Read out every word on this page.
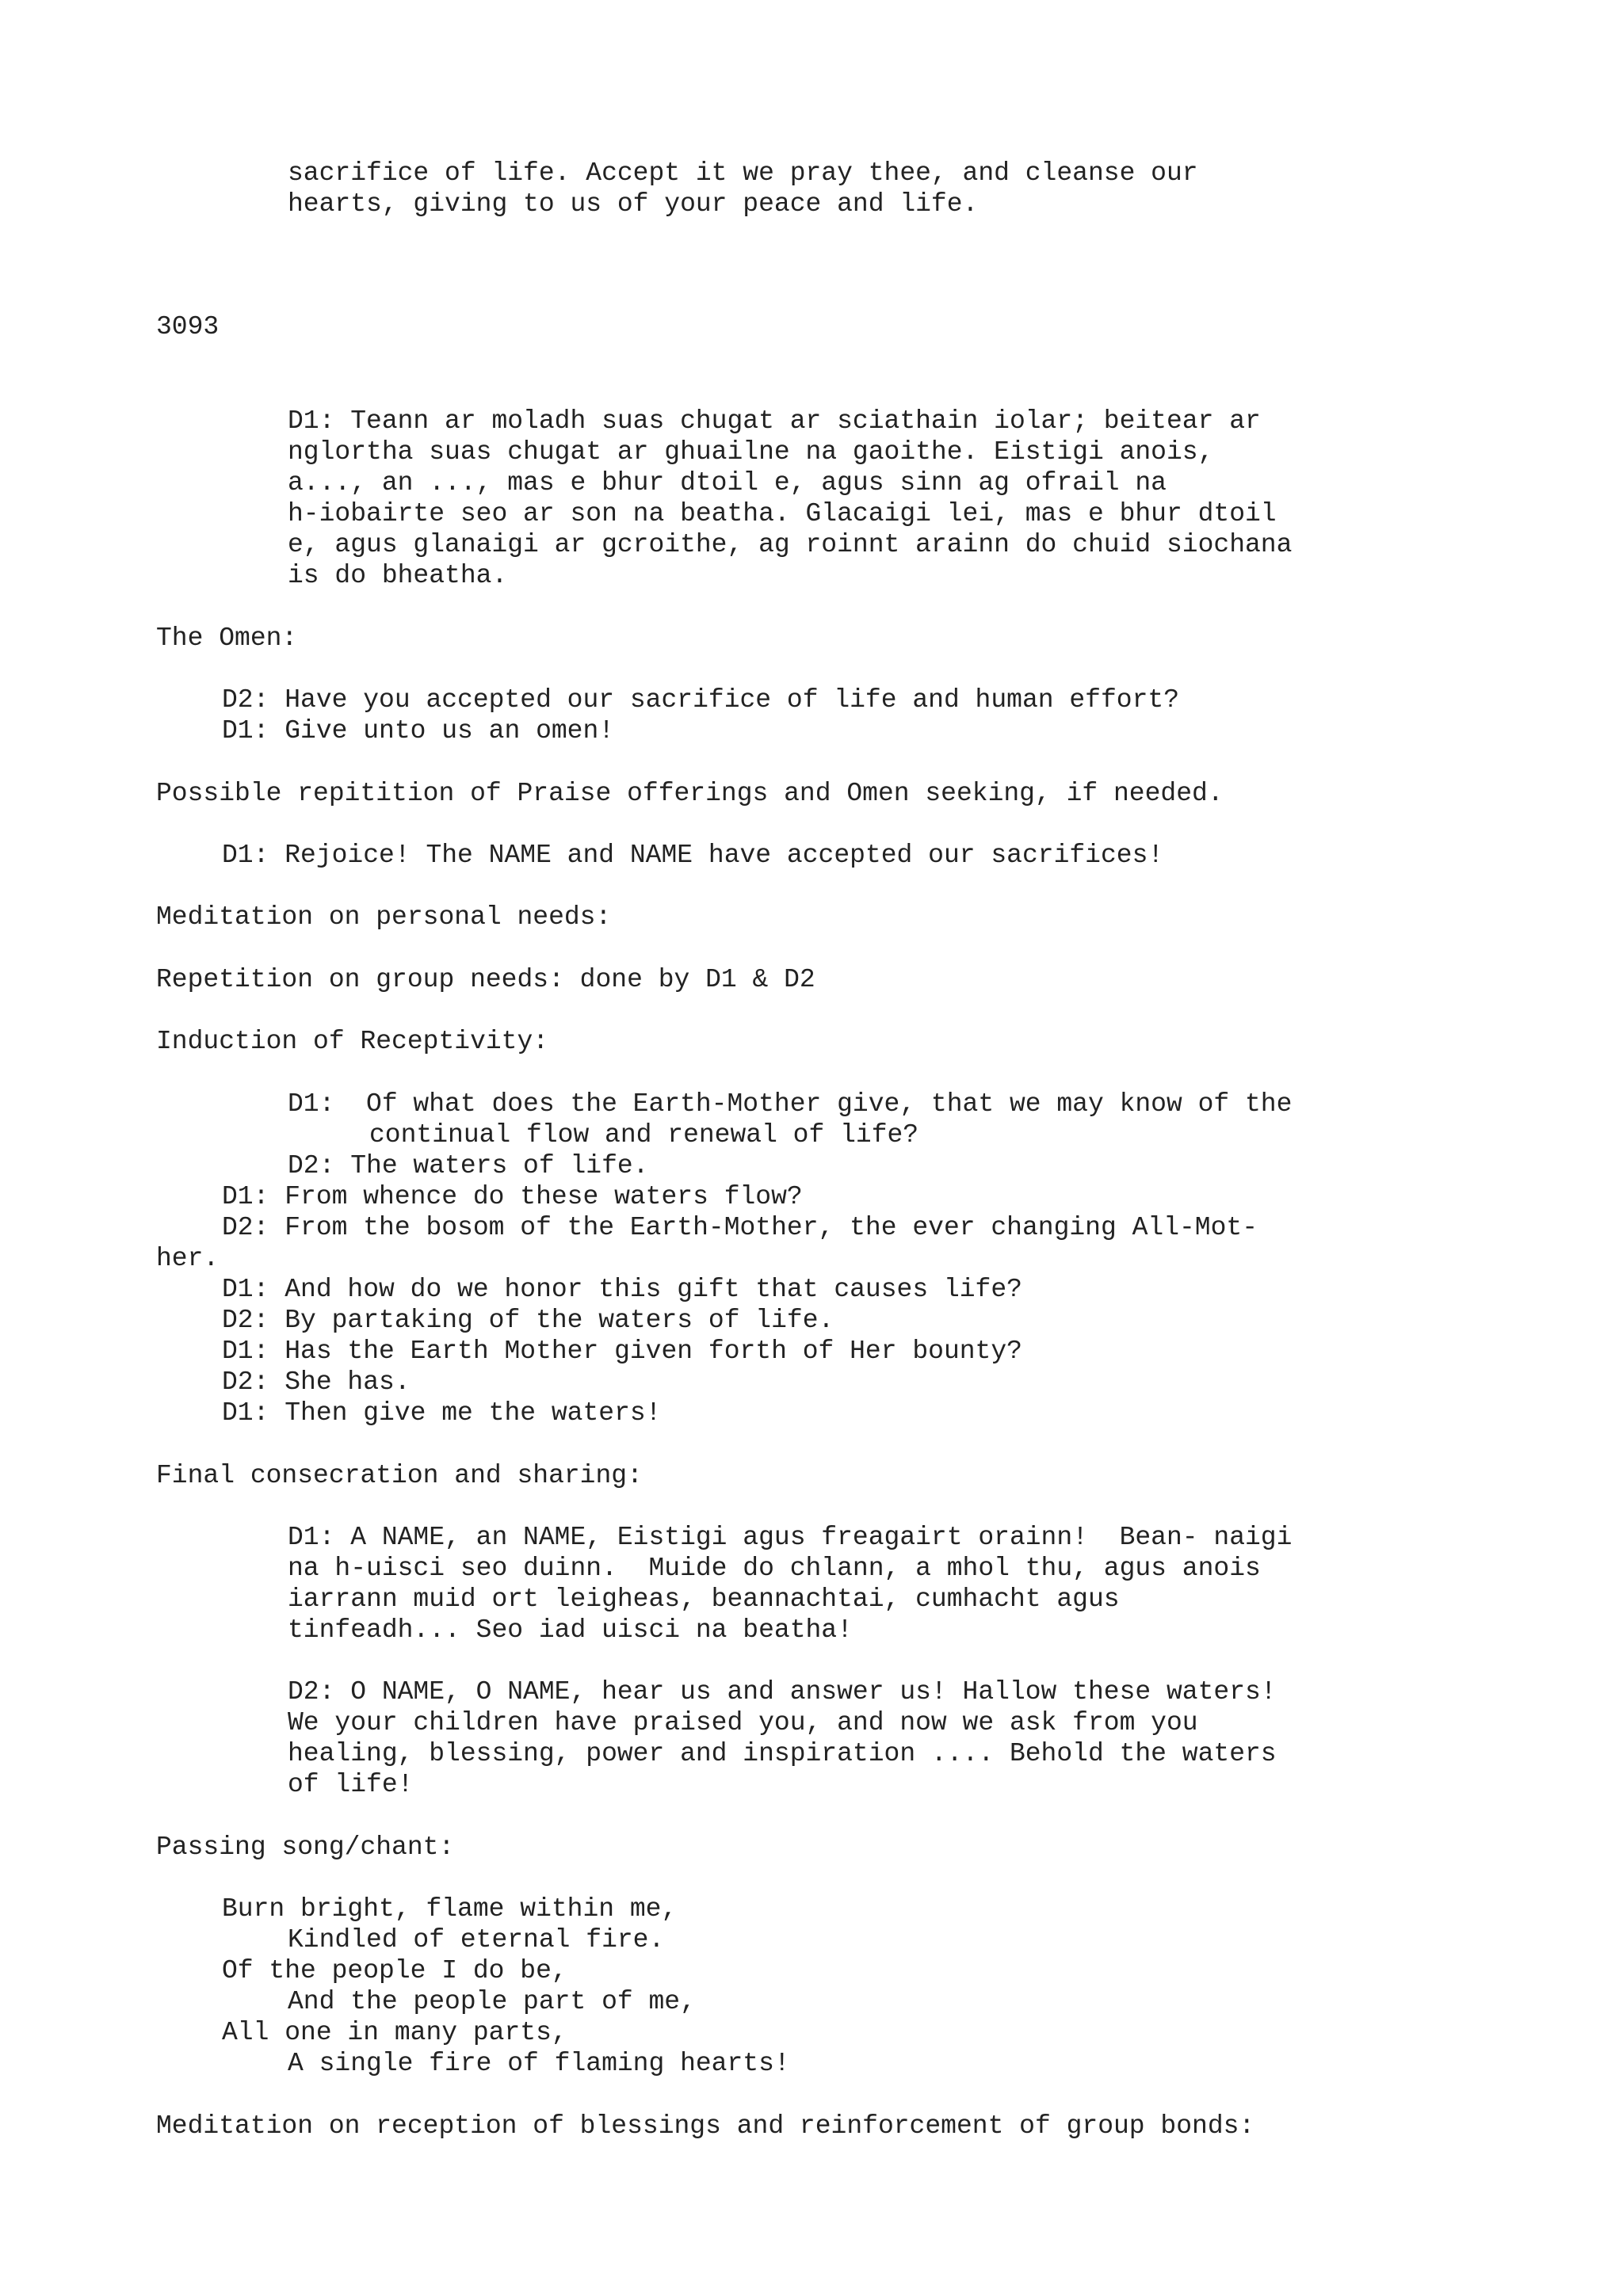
sacrifice of life. Accept it we pray thee, and cleanse our
hearts, giving to us of your peace and life.
3093
D1: Teann ar moladh suas chugat ar sciathain iolar; beitear ar
nglortha suas chugat ar ghuailne na gaoithe. Eistigi anois,
a..., an ..., mas e bhur dtoil e, agus sinn ag ofrail na
h-iobairte seo ar son na beatha. Glacaigi lei, mas e bhur dtoil
e, agus glanaigi ar gcroithe, ag roinnt arainn do chuid siochana
is do bheatha.
The Omen:
D2: Have you accepted our sacrifice of life and human effort?
D1: Give unto us an omen!
Possible repitition of Praise offerings and Omen seeking, if needed.
D1: Rejoice! The NAME and NAME have accepted our sacrifices!
Meditation on personal needs:
Repetition on group needs: done by D1 & D2
Induction of Receptivity:
D1:  Of what does the Earth-Mother give, that we may know of the
continual flow and renewal of life?
D2: The waters of life.
D1: From whence do these waters flow?
D2: From the bosom of the Earth-Mother, the ever changing All-Mot-
her.
D1: And how do we honor this gift that causes life?
D2: By partaking of the waters of life.
D1: Has the Earth Mother given forth of Her bounty?
D2: She has.
D1: Then give me the waters!
Final consecration and sharing:
D1: A NAME, an NAME, Eistigi agus freagairt orainn!  Bean- naigi
na h-uisci seo duinn.  Muide do chlann, a mhol thu, agus anois
iarrann muid ort leigheas, beannachtai, cumhacht agus
tinfeadh... Seo iad uisci na beatha!
D2: O NAME, O NAME, hear us and answer us! Hallow these waters!
We your children have praised you, and now we ask from you
healing, blessing, power and inspiration .... Behold the waters
of life!
Passing song/chant:
Burn bright, flame within me,
Kindled of eternal fire.
Of the people I do be,
And the people part of me,
All one in many parts,
A single fire of flaming hearts!
Meditation on reception of blessings and reinforcement of group bonds:
